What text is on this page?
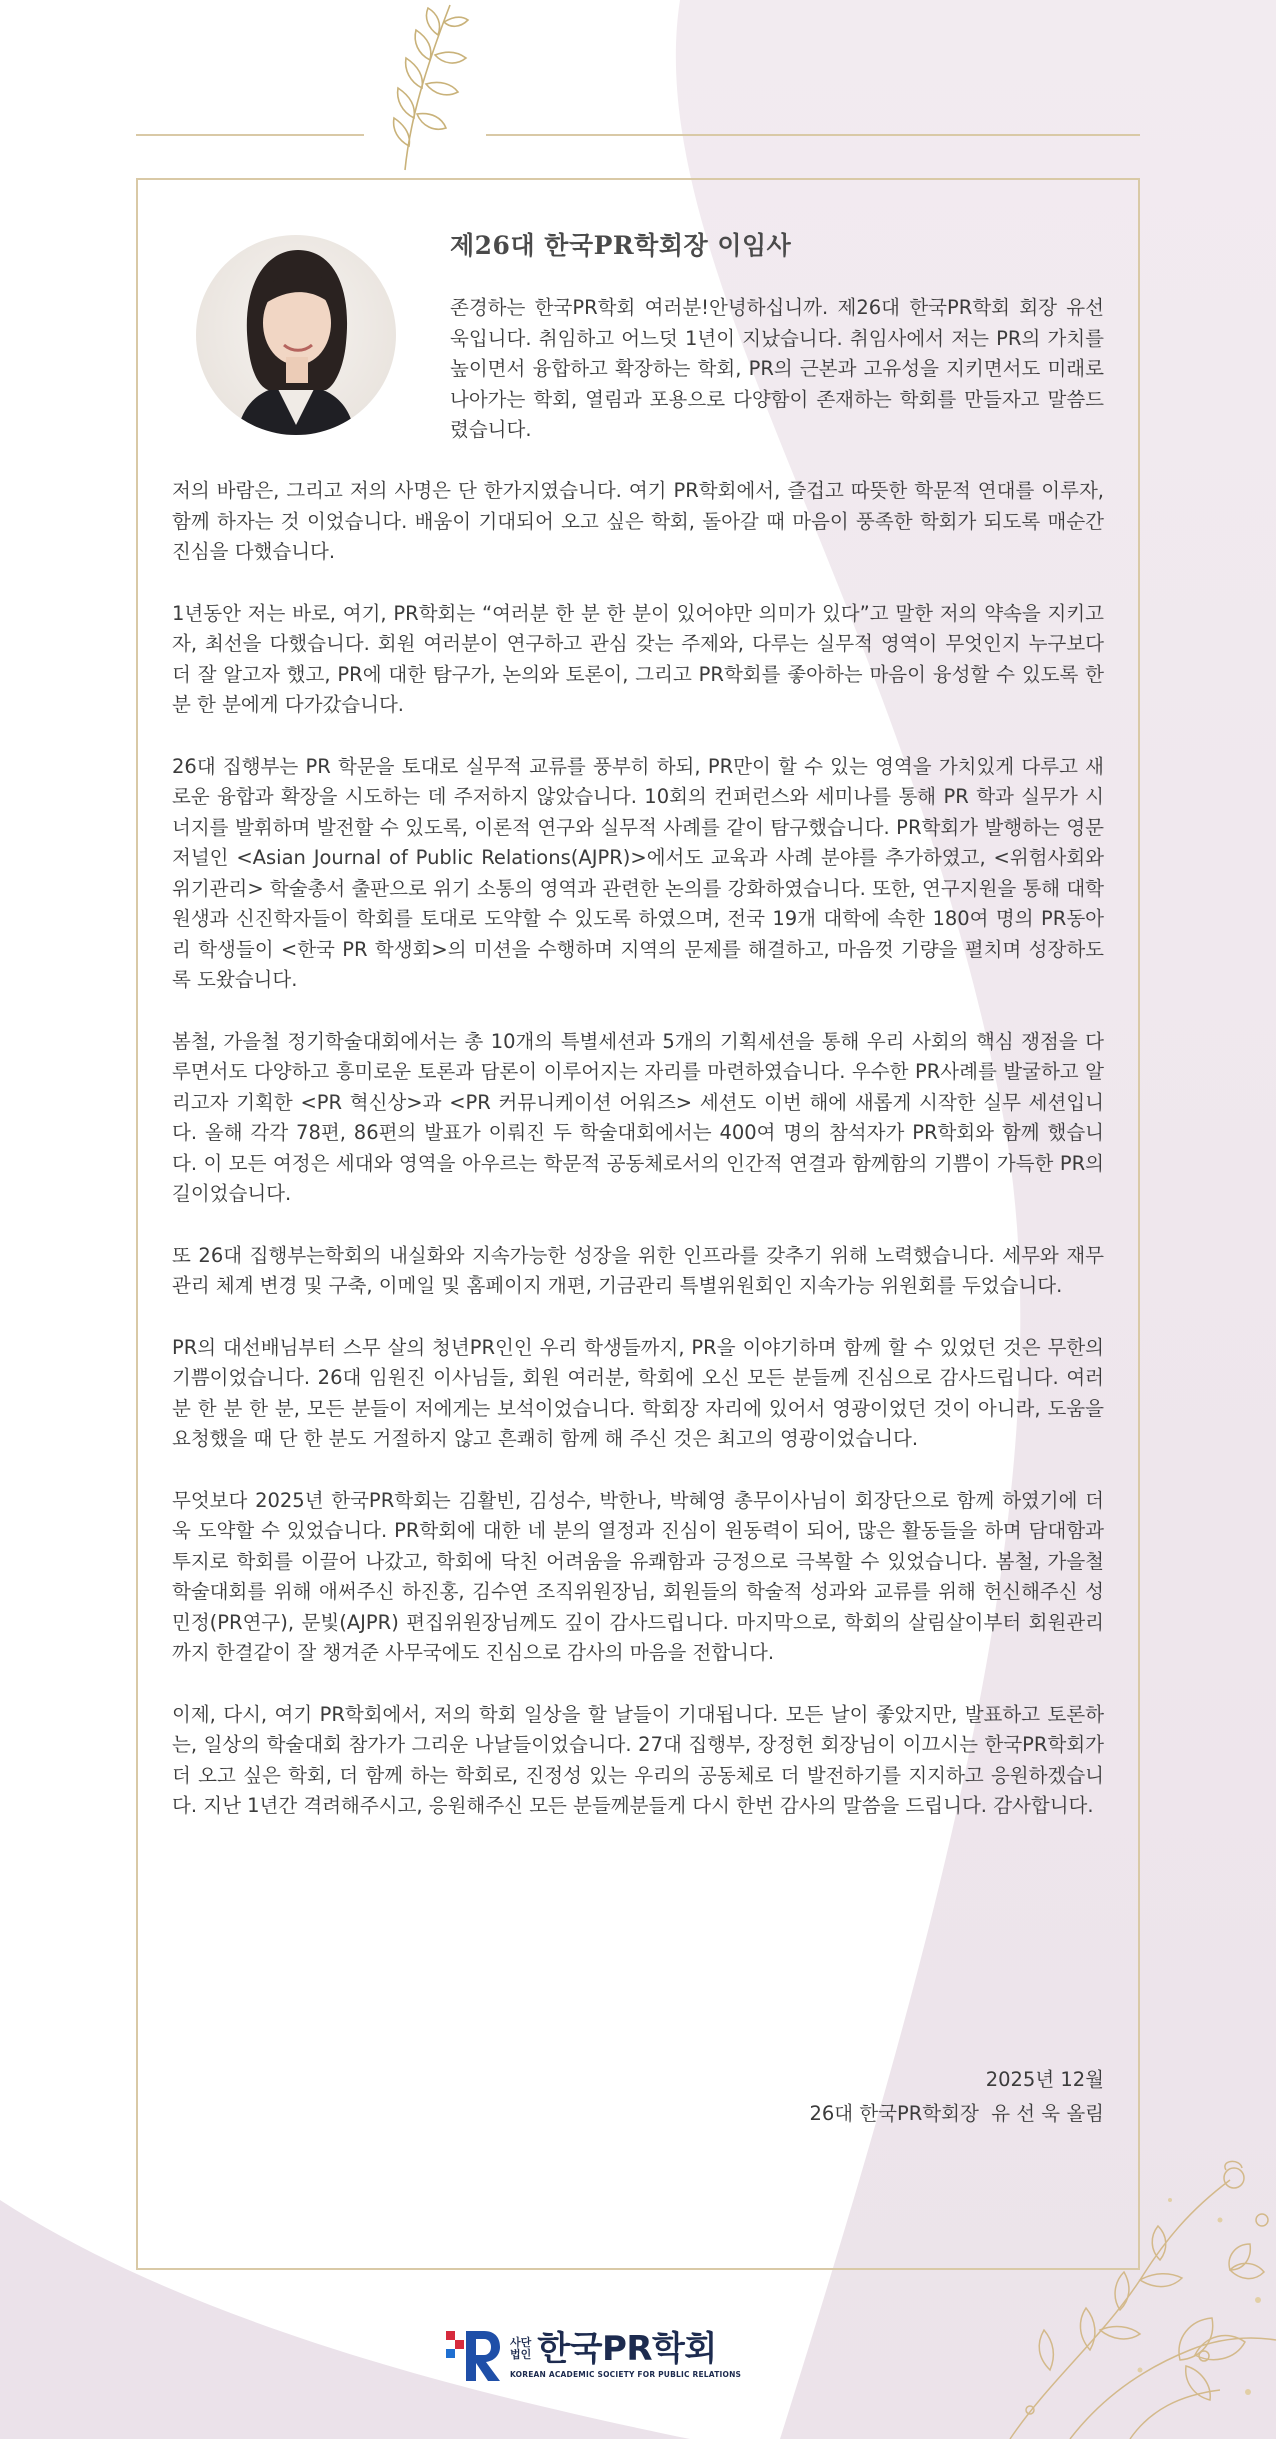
제26대 한국PR학회장 이임사

존경하는 한국PR학회 여러분!안녕하십니까. 제26대 한국PR학회 회장 유선욱입니다. 취임하고 어느덧 1년이 지났습니다. 취임사에서 저는 PR의 가치를 높이면서 융합하고 확장하는 학회, PR의 근본과 고유성을 지키면서도 미래로 나아가는 학회, 열림과 포용으로 다양함이 존재하는 학회를 만들자고 말씀드렸습니다.

저의 바람은, 그리고 저의 사명은 단 한가지였습니다. 여기 PR학회에서, 즐겁고 따뜻한 학문적 연대를 이루자, 함께 하자는 것 이었습니다. 배움이 기대되어 오고 싶은 학회, 돌아갈 때 마음이 풍족한 학회가 되도록 매순간 진심을 다했습니다.

1년동안 저는 바로, 여기, PR학회는 “여러분 한 분 한 분이 있어야만 의미가 있다”고 말한 저의 약속을 지키고자, 최선을 다했습니다. 회원 여러분이 연구하고 관심 갖는 주제와, 다루는 실무적 영역이 무엇인지 누구보다 더 잘 알고자 했고, PR에 대한 탐구가, 논의와 토론이, 그리고 PR학회를 좋아하는 마음이 융성할 수 있도록 한 분 한 분에게 다가갔습니다.

26대 집행부는 PR 학문을 토대로 실무적 교류를 풍부히 하되, PR만이 할 수 있는 영역을 가치있게 다루고 새로운 융합과 확장을 시도하는 데 주저하지 않았습니다. 10회의 컨퍼런스와 세미나를 통해 PR 학과 실무가 시너지를 발휘하며 발전할 수 있도록, 이론적 연구와 실무적 사례를 같이 탐구했습니다. PR학회가 발행하는 영문 저널인 <Asian Journal of Public Relations(AJPR)>에서도 교육과 사례 분야를 추가하였고, <위험사회와 위기관리> 학술총서 출판으로 위기 소통의 영역과 관련한 논의를 강화하였습니다. 또한, 연구지원을 통해 대학원생과 신진학자들이 학회를 토대로 도약할 수 있도록 하였으며, 전국 19개 대학에 속한 180여 명의 PR동아리 학생들이 <한국 PR 학생회>의 미션을 수행하며 지역의 문제를 해결하고, 마음껏 기량을 펼치며 성장하도록 도왔습니다.

봄철, 가을철 정기학술대회에서는 총 10개의 특별세션과 5개의 기획세션을 통해 우리 사회의 핵심 쟁점을 다루면서도 다양하고 흥미로운 토론과 담론이 이루어지는 자리를 마련하였습니다. 우수한 PR사례를 발굴하고 알리고자 기획한 <PR 혁신상>과 <PR 커뮤니케이션 어워즈> 세션도 이번 해에 새롭게 시작한 실무 세션입니다. 올해 각각 78편, 86편의 발표가 이뤄진 두 학술대회에서는 400여 명의 참석자가 PR학회와 함께 했습니다. 이 모든 여정은 세대와 영역을 아우르는 학문적 공동체로서의 인간적 연결과 함께함의 기쁨이 가득한 PR의 길이었습니다.

또 26대 집행부는학회의 내실화와 지속가능한 성장을 위한 인프라를 갖추기 위해 노력했습니다. 세무와 재무관리 체계 변경 및 구축, 이메일 및 홈페이지 개편, 기금관리 특별위원회인 지속가능 위원회를 두었습니다.

PR의 대선배님부터 스무 살의 청년PR인인 우리 학생들까지, PR을 이야기하며 함께 할 수 있었던 것은 무한의 기쁨이었습니다. 26대 임원진 이사님들, 회원 여러분, 학회에 오신 모든 분들께 진심으로 감사드립니다. 여러분 한 분 한 분, 모든 분들이 저에게는 보석이었습니다. 학회장 자리에 있어서 영광이었던 것이 아니라, 도움을 요청했을 때 단 한 분도 거절하지 않고 흔쾌히 함께 해 주신 것은 최고의 영광이었습니다.

무엇보다 2025년 한국PR학회는 김활빈, 김성수, 박한나, 박혜영 총무이사님이 회장단으로 함께 하였기에 더욱 도약할 수 있었습니다. PR학회에 대한 네 분의 열정과 진심이 원동력이 되어, 많은 활동들을 하며 담대함과 투지로 학회를 이끌어 나갔고, 학회에 닥친 어려움을 유쾌함과 긍정으로 극복할 수 있었습니다. 봄철, 가을철 학술대회를 위해 애써주신 하진홍, 김수연 조직위원장님, 회원들의 학술적 성과와 교류를 위해 헌신해주신 성민정(PR연구), 문빛(AJPR) 편집위원장님께도 깊이 감사드립니다. 마지막으로, 학회의 살림살이부터 회원관리까지 한결같이 잘 챙겨준 사무국에도 진심으로 감사의 마음을 전합니다.

이제, 다시, 여기 PR학회에서, 저의 학회 일상을 할 날들이 기대됩니다. 모든 날이 좋았지만, 발표하고 토론하는, 일상의 학술대회 참가가 그리운 나날들이었습니다. 27대 집행부, 장정헌 회장님이 이끄시는 한국PR학회가 더 오고 싶은 학회, 더 함께 하는 학회로, 진정성 있는 우리의 공동체로 더 발전하기를 지지하고 응원하겠습니다. 지난 1년간 격려해주시고, 응원해주신 모든 분들께분들게 다시 한번 감사의 말씀을 드립니다. 감사합니다.

2025년 12월
26대 한국PR학회장  유 선 욱 올림
사단
법인 한국PR학회
KOREAN ACADEMIC SOCIETY FOR PUBLIC RELATIONS
